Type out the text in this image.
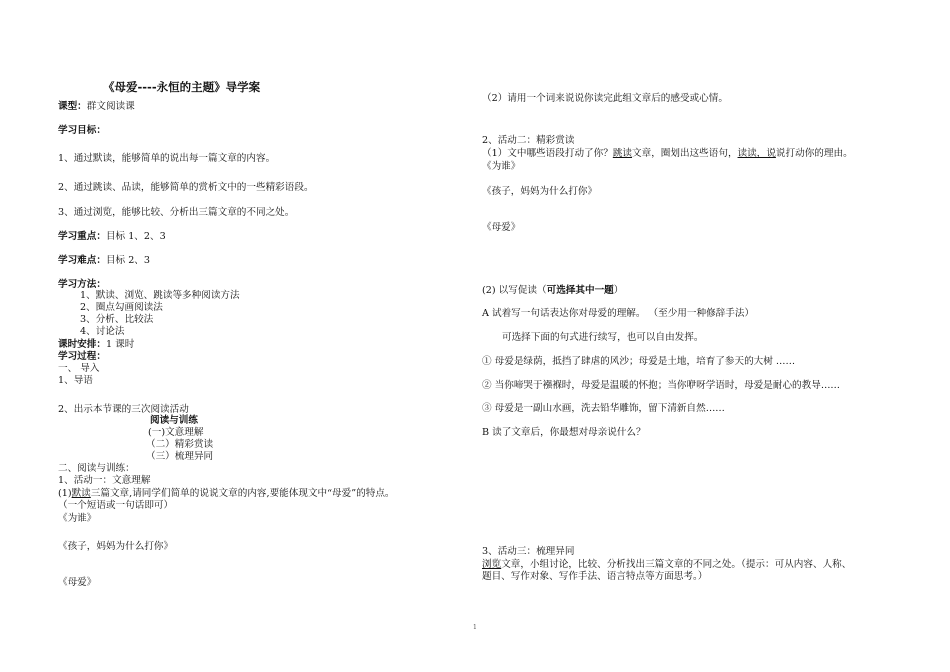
《母爱----永恒的主题》导学案
课型：群文阅读课
学习目标：
1、通过默读，能够简单的说出每一篇文章的内容。
2、通过跳读、品读，能够简单的赏析文中的一些精彩语段。
3、通过浏览，能够比较、分析出三篇文章的不同之处。
学习重点：目标 1、2、3
学习难点：目标 2、3
学习方法：
1、默读、浏览、跳读等多种阅读方法
2、圈点勾画阅读法
3、分析、比较法
4、讨论法
课时安排：1 课时
学习过程：
一、 导入
1、导语
2、出示本节课的三次阅读活动
阅读与训练
(一)文意理解
（二）精彩赏读
（三）梳理异同
二、阅读与训练：
1、活动一：文意理解
(1)默读三篇文章,请同学们简单的说说文章的内容,要能体现文中“母爱”的特点。
（一个短语或一句话即可）
《为谁》
《孩子，妈妈为什么打你》
《母爱》
（2）请用一个词来说说你读完此组文章后的感受或心情。
2、活动二：精彩赏读
（1）文中哪些语段打动了你？跳读文章，圈划出这些语句，读读，说说打动你的理由。
《为谁》
《孩子，妈妈为什么打你》
《母爱》
(2) 以写促读（可选择其中一题）
A 试着写一句话表达你对母爱的理解。 （至少用一种修辞手法）
可选择下面的句式进行续写，也可以自由发挥。
① 母爱是绿荫，抵挡了肆虐的风沙；母爱是土地，培育了参天的大树 ……
② 当你啼哭于襁褓时，母爱是温暖的怀抱；当你咿呀学语时，母爱是耐心的教导……
③ 母爱是一副山水画，洗去铅华雕饰，留下清新自然……
B 读了文章后，你最想对母亲说什么？
3、活动三：梳理异同
浏览文章，小组讨论，比较、分析找出三篇文章的不同之处。（提示：可从内容、人称、
题目、写作对象、写作手法、语言特点等方面思考。）
1
